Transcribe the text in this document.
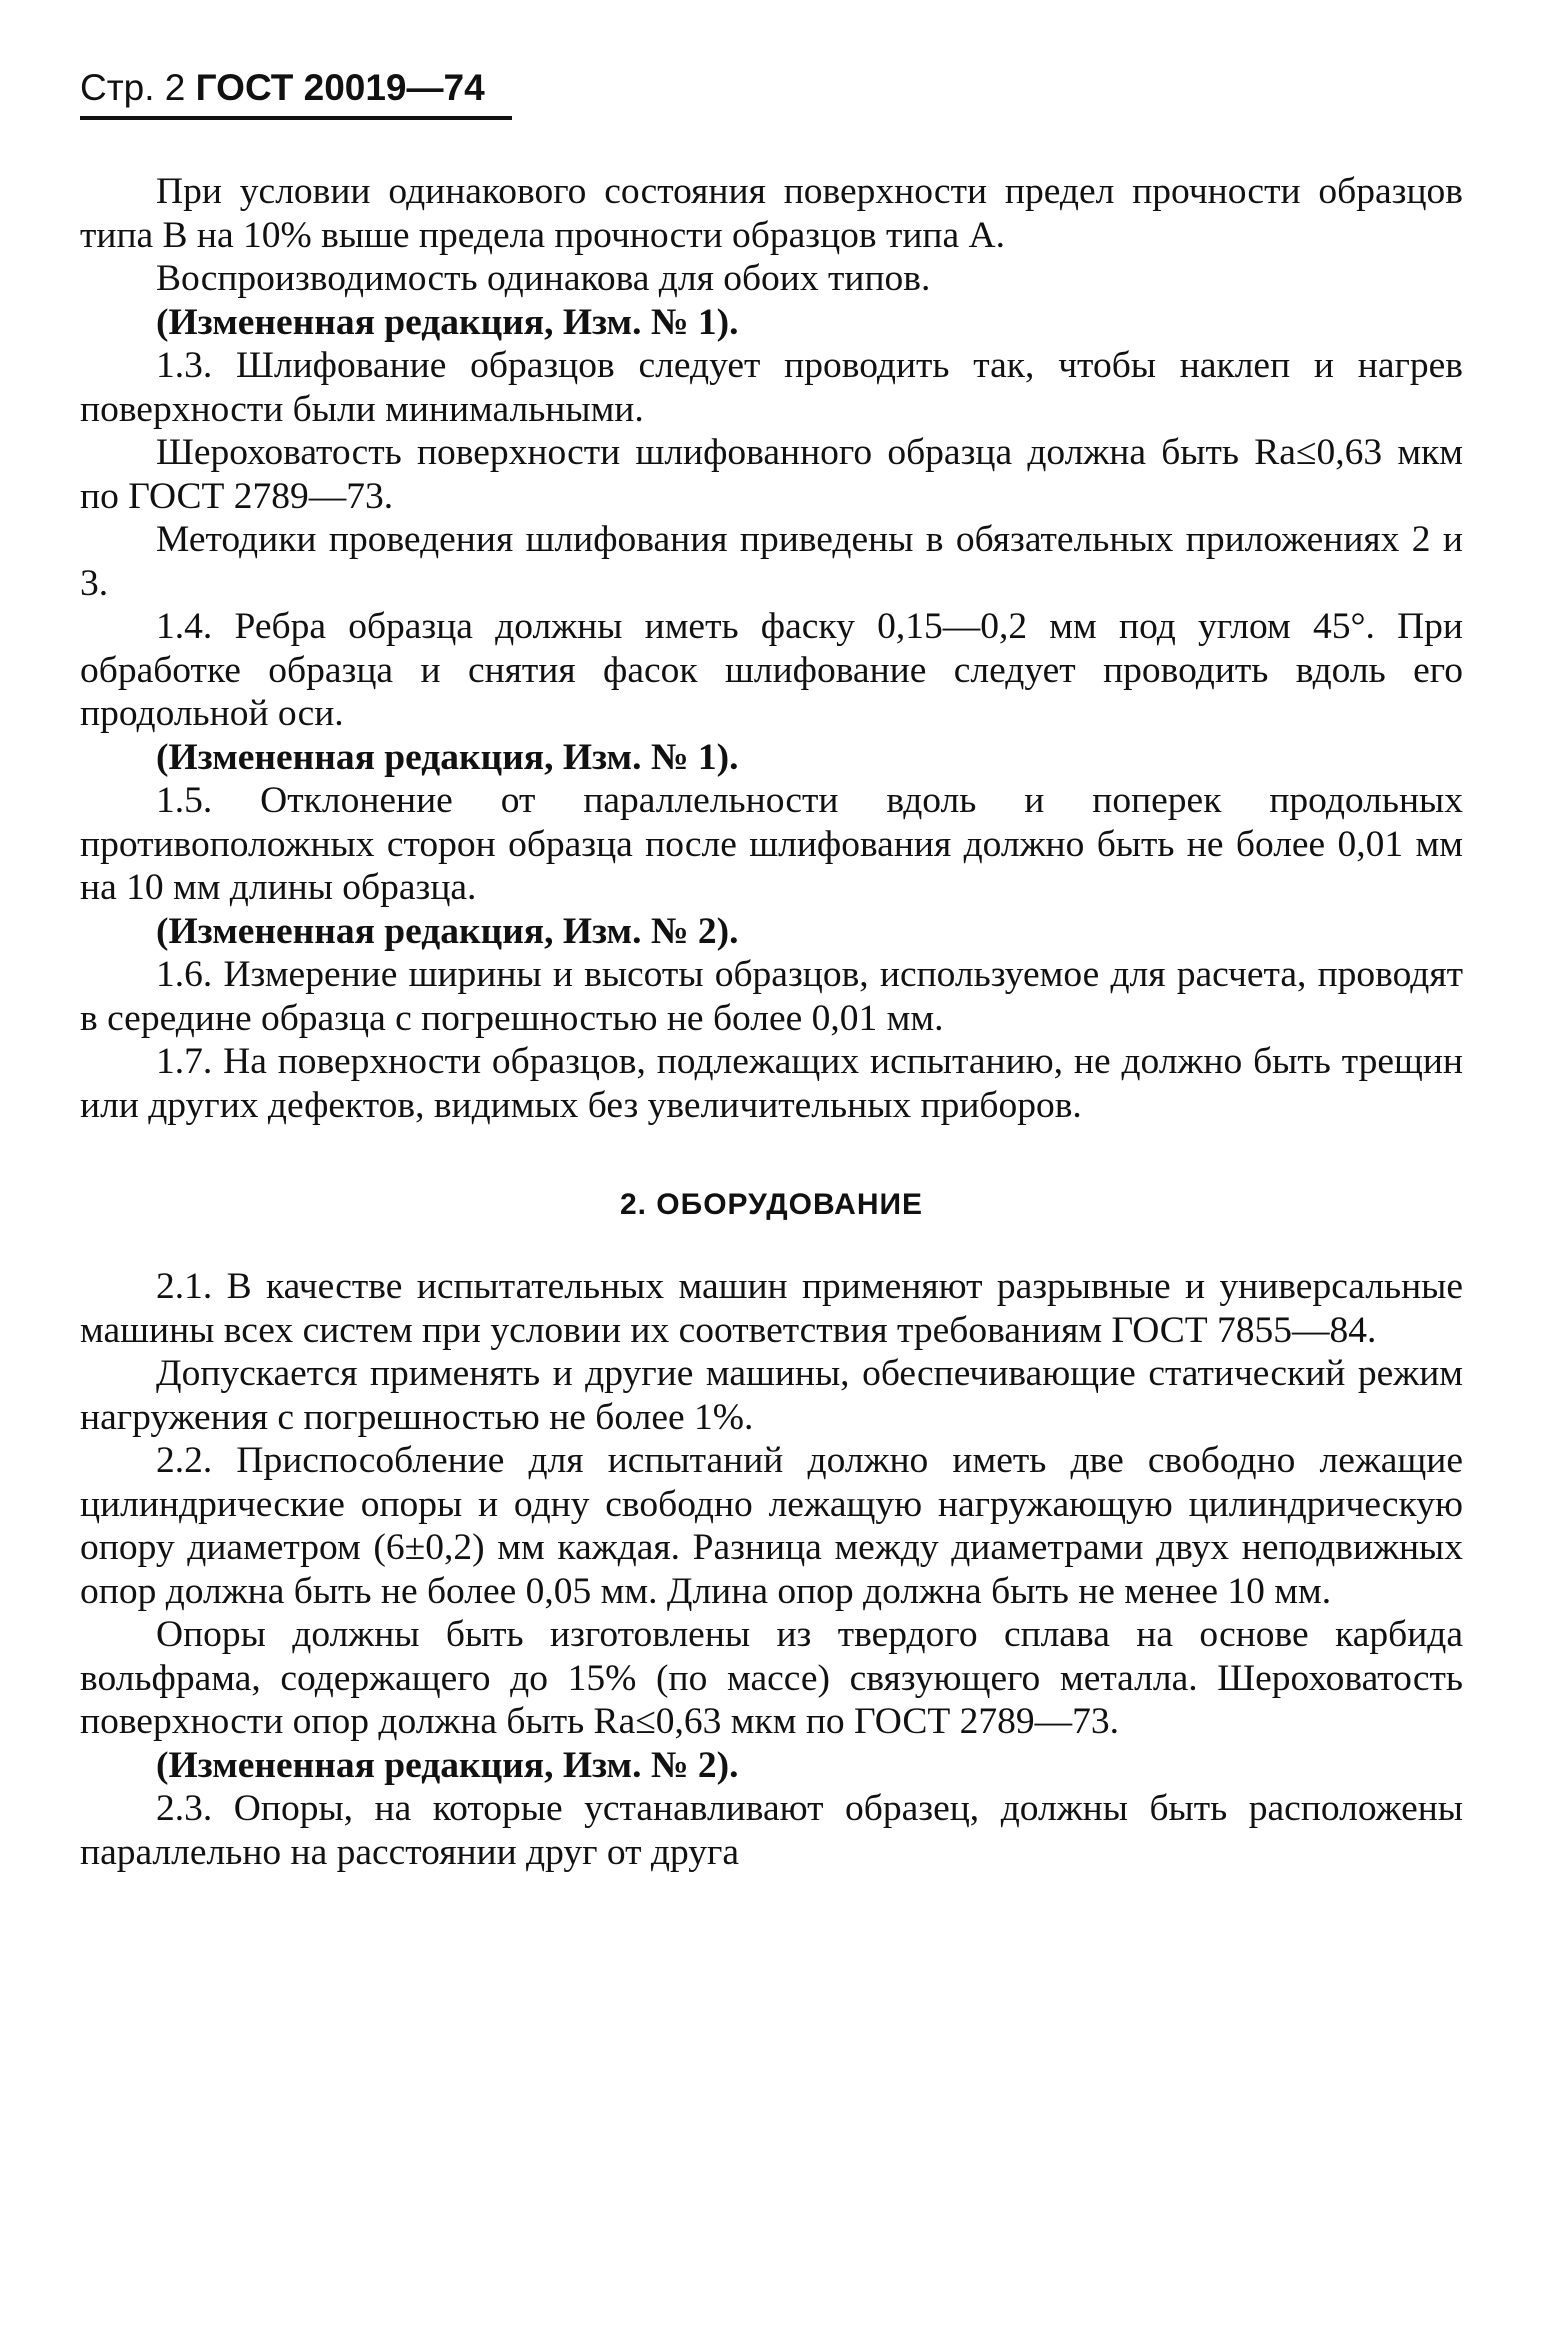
Стр. 2 ГОСТ 20019—74

При условии одинакового состояния поверхности предел прочности образцов типа В на 10% выше предела прочности образцов типа А.

Воспроизводимость одинакова для обоих типов.

(Измененная редакция, Изм. № 1).

1.3. Шлифование образцов следует проводить так, чтобы наклеп и нагрев поверхности были минимальными.

Шероховатость поверхности шлифованного образца должна быть Ra≤0,63 мкм по ГОСТ 2789—73.

Методики проведения шлифования приведены в обязательных приложениях 2 и 3.

1.4. Ребра образца должны иметь фаску 0,15—0,2 мм под углом 45°. При обработке образца и снятия фасок шлифование следует проводить вдоль его продольной оси.

(Измененная редакция, Изм. № 1).

1.5. Отклонение от параллельности вдоль и поперек продольных противоположных сторон образца после шлифования должно быть не более 0,01 мм на 10 мм длины образца.

(Измененная редакция, Изм. № 2).

1.6. Измерение ширины и высоты образцов, используемое для расчета, проводят в середине образца с погрешностью не более 0,01 мм.

1.7. На поверхности образцов, подлежащих испытанию, не должно быть трещин или других дефектов, видимых без увеличительных приборов.

2. ОБОРУДОВАНИЕ

2.1. В качестве испытательных машин применяют разрывные и универсальные машины всех систем при условии их соответствия требованиям ГОСТ 7855—84.

Допускается применять и другие машины, обеспечивающие статический режим нагружения с погрешностью не более 1%.

2.2. Приспособление для испытаний должно иметь две свободно лежащие цилиндрические опоры и одну свободно лежащую нагружающую цилиндрическую опору диаметром (6±0,2) мм каждая. Разница между диаметрами двух неподвижных опор должна быть не более 0,05 мм. Длина опор должна быть не менее 10 мм.

Опоры должны быть изготовлены из твердого сплава на основе карбида вольфрама, содержащего до 15% (по массе) связующего металла. Шероховатость поверхности опор должна быть Ra≤0,63 мкм по ГОСТ 2789—73.

(Измененная редакция, Изм. № 2).

2.3. Опоры, на которые устанавливают образец, должны быть расположены параллельно на расстоянии друг от друга
